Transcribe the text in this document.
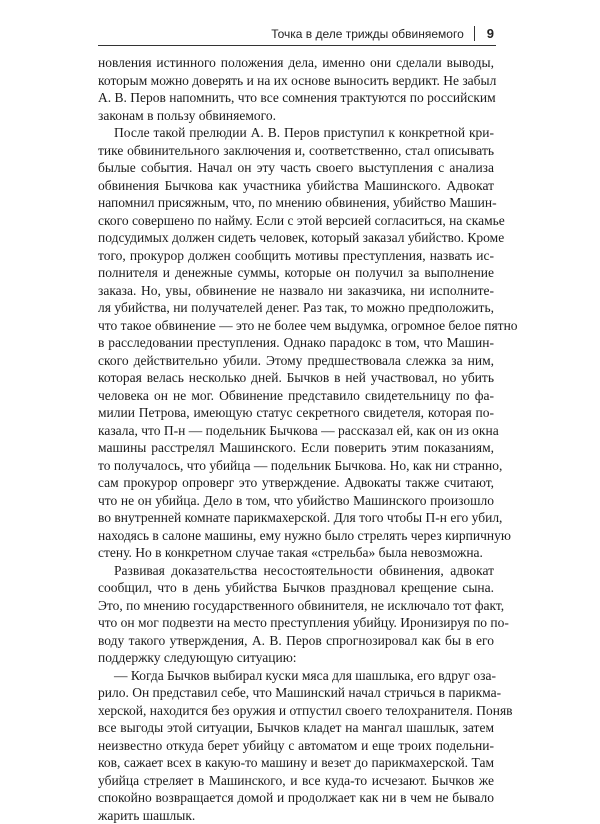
Точка в деле трижды обвиняемого	9
новления истинного положения дела, именно они сделали выводы,
которым можно доверять и на их основе выносить вердикт. Не забыл
А. В. Перов напомнить, что все сомнения трактуются по российским
законам в пользу обвиняемого.
После такой прелюдии А. В. Перов приступил к конкретной кри-
тике обвинительного заключения и, соответственно, стал описывать
былые события. Начал он эту часть своего выступления с анализа
обвинения Бычкова как участника убийства Машинского. Адвокат
напомнил присяжным, что, по мнению обвинения, убийство Машин-
ского совершено по найму. Если с этой версией согласиться, на скамье
подсудимых должен сидеть человек, который заказал убийство. Кроме
того, прокурор должен сообщить мотивы преступления, назвать ис-
полнителя и денежные суммы, которые он получил за выполнение
заказа. Но, увы, обвинение не назвало ни заказчика, ни исполните-
ля убийства, ни получателей денег. Раз так, то можно предположить,
что такое обвинение — это не более чем выдумка, огромное белое пятно
в расследовании преступления. Однако парадокс в том, что Машин-
ского действительно убили. Этому предшествовала слежка за ним,
которая велась несколько дней. Бычков в ней участвовал, но убить
человека он не мог. Обвинение представило свидетельницу по фа-
милии Петрова, имеющую статус секретного свидетеля, которая по-
казала, что П-н — подельник Бычкова — рассказал ей, как он из окна
машины расстрелял Машинского. Если поверить этим показаниям,
то получалось, что убийца — подельник Бычкова. Но, как ни странно,
сам прокурор опроверг это утверждение. Адвокаты также считают,
что не он убийца. Дело в том, что убийство Машинского произошло
во внутренней комнате парикмахерской. Для того чтобы П-н его убил,
находясь в салоне машины, ему нужно было стрелять через кирпичную
стену. Но в конкретном случае такая «стрельба» была невозможна.
Развивая доказательства несостоятельности обвинения, адвокат
сообщил, что в день убийства Бычков праздновал крещение сына.
Это, по мнению государственного обвинителя, не исключало тот факт,
что он мог подвезти на место преступления убийцу. Иронизируя по по-
воду такого утверждения, А. В. Перов спрогнозировал как бы в его
поддержку следующую ситуацию:
— Когда Бычков выбирал куски мяса для шашлыка, его вдруг оза-
рило. Он представил себе, что Машинский начал стричься в парикма-
херской, находится без оружия и отпустил своего телохранителя. Поняв
все выгоды этой ситуации, Бычков кладет на мангал шашлык, затем
неизвестно откуда берет убийцу с автоматом и еще троих подельни-
ков, сажает всех в какую-то машину и везет до парикмахерской. Там
убийца стреляет в Машинского, и все куда-то исчезают. Бычков же
спокойно возвращается домой и продолжает как ни в чем не бывало
жарить шашлык.
